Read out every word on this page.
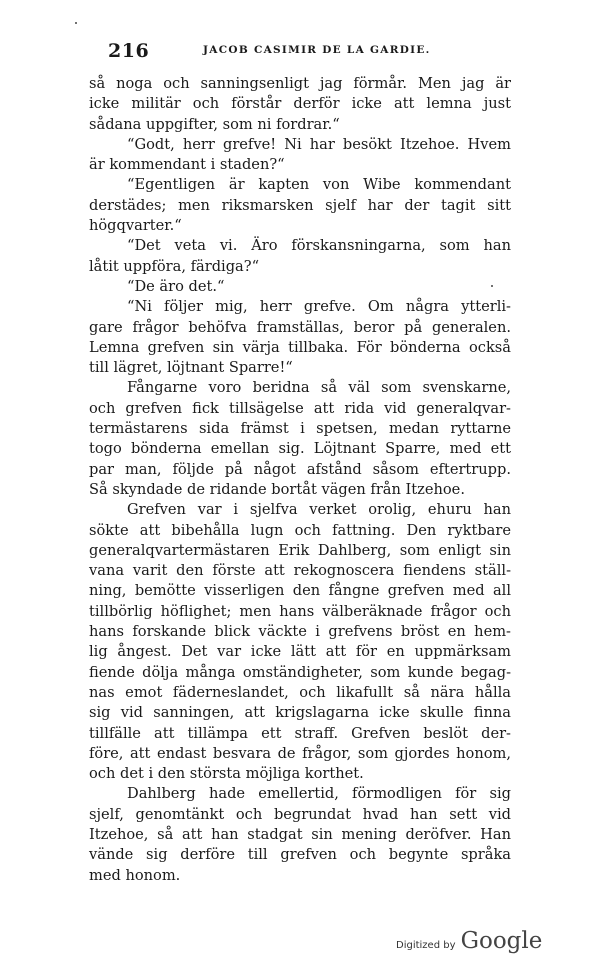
216	JACOB CASIMIR DE LA GARDIE.
så noga och sanningsenligt jag förmår. Men jag är
icke militär och förstår derför icke att lemna just
sådana uppgifter, som ni fordrar.“
“Godt, herr grefve! Ni har besökt Itzehoe. Hvem
är kommendant i staden?“
“Egentligen är kapten von Wibe kommendant
derstädes; men riksmarsken sjelf har der tagit sitt
högqvarter.“
“Det veta vi. Äro förskansningarna, som han
låtit uppföra, färdiga?“
“De äro det.“
“Ni följer mig, herr grefve. Om några ytterli-
gare frågor behöfva framställas, beror på generalen.
Lemna grefven sin värja tillbaka. För bönderna också
till lägret, löjtnant Sparre!“
Fångarne voro beridna så väl som svenskarne,
och grefven fick tillsägelse att rida vid generalqvar-
termästarens sida främst i spetsen, medan ryttarne
togo bönderna emellan sig. Löjtnant Sparre, med ett
par man, följde på något afstånd såsom eftertrupp.
Så skyndade de ridande bortåt vägen från Itzehoe.
Grefven var i sjelfva verket orolig, ehuru han
sökte att bibehålla lugn och fattning. Den ryktbare
generalqvartermästaren Erik Dahlberg, som enligt sin
vana varit den förste att rekognoscera fiendens ställ-
ning, bemötte visserligen den fångne grefven med all
tillbörlig höflighet; men hans välberäknade frågor och
hans forskande blick väckte i grefvens bröst en hem-
lig ångest. Det var icke lätt att för en uppmärksam
fiende dölja många omständigheter, som kunde begag-
nas emot fäderneslandet, och likafullt så nära hålla
sig vid sanningen, att krigslagarna icke skulle finna
tillfälle att tillämpa ett straff. Grefven beslöt der-
före, att endast besvara de frågor, som gjordes honom,
och det i den största möjliga korthet.
Dahlberg hade emellertid, förmodligen för sig
sjelf, genomtänkt och begrundat hvad han sett vid
Itzehoe, så att han stadgat sin mening deröfver. Han
vände sig derföre till grefven och begynte språka
med honom.
Digitized by Google
